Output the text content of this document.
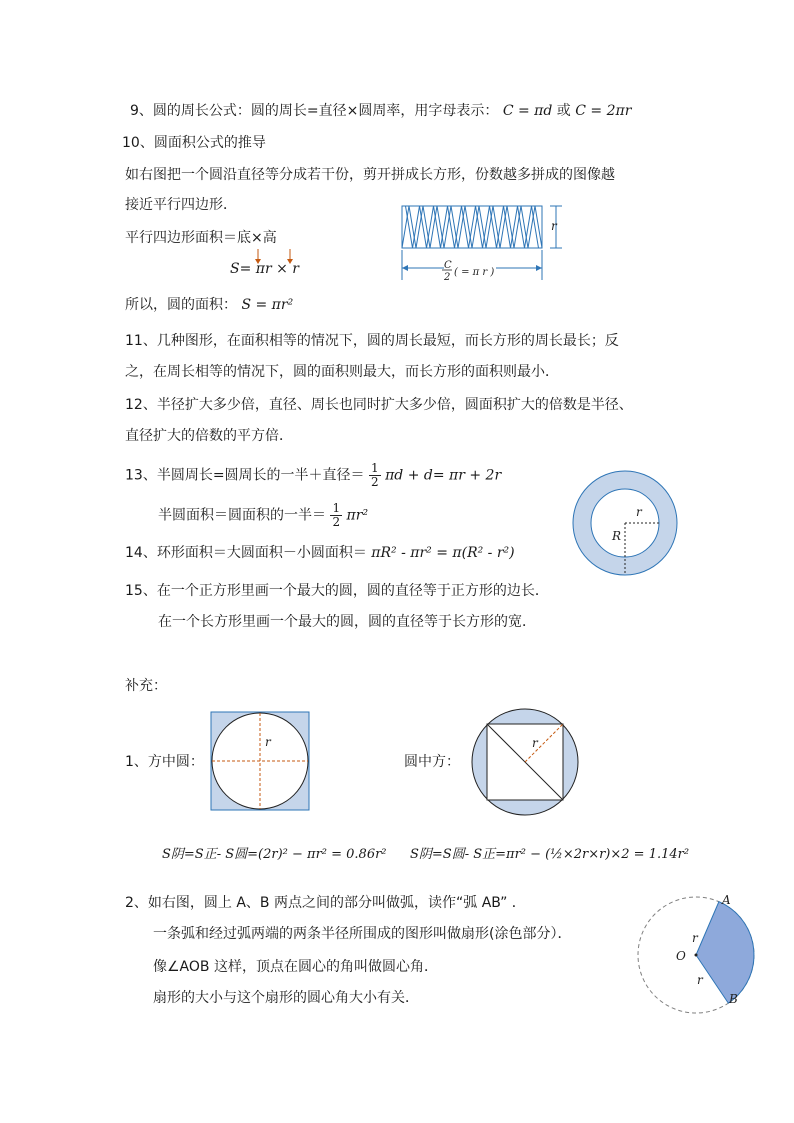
9、圆的周长公式：圆的周长=直径×圆周率，用字母表示： C = πd 或 C = 2πr
10、圆面积公式的推导
如右图把一个圆沿直径等分成若干份，剪开拼成长方形，份数越多拼成的图像越
接近平行四边形．
平行四边形面积＝底×高
S= πr × r
r
C
2 ( = π r )
所以，圆的面积： S = πr²
11、几种图形，在面积相等的情况下，圆的周长最短，而长方形的周长最长；反
之，在周长相等的情况下，圆的面积则最大，而长方形的面积则最小．
12、半径扩大多少倍，直径、周长也同时扩大多少倍，圆面积扩大的倍数是半径、
直径扩大的倍数的平方倍．
13、半圆周长=圆周长的一半＋直径＝ $\frac{1}{2}$ πd + d= πr + 2r
半圆面积＝圆面积的一半＝ $\frac{1}{2} \pi r^2$	r
R
14、环形面积＝大圆面积－小圆面积＝ πR² - πr² = π(R² - r²)
15、在一个正方形里画一个最大的圆，圆的直径等于正方形的边长．
在一个长方形里画一个最大的圆，圆的直径等于长方形的宽．
补充：
1、方中圆：
r
圆中方：
r
S阴=S正- S圆=(2r)² − πr² = 0.86r² S阴=S圆- S正=πr² − (½×2r×r)×2 = 1.14r²
2、如右图，圆上 A、B 两点之间的部分叫做弧，读作“弧 AB” ．
一条弧和经过弧两端的两条半径所围成的图形叫做扇形(涂色部分）．
像∠AOB 这样，顶点在圆心的角叫做圆心角．
扇形的大小与这个扇形的圆心角大小有关．
A
B
O
r
r
